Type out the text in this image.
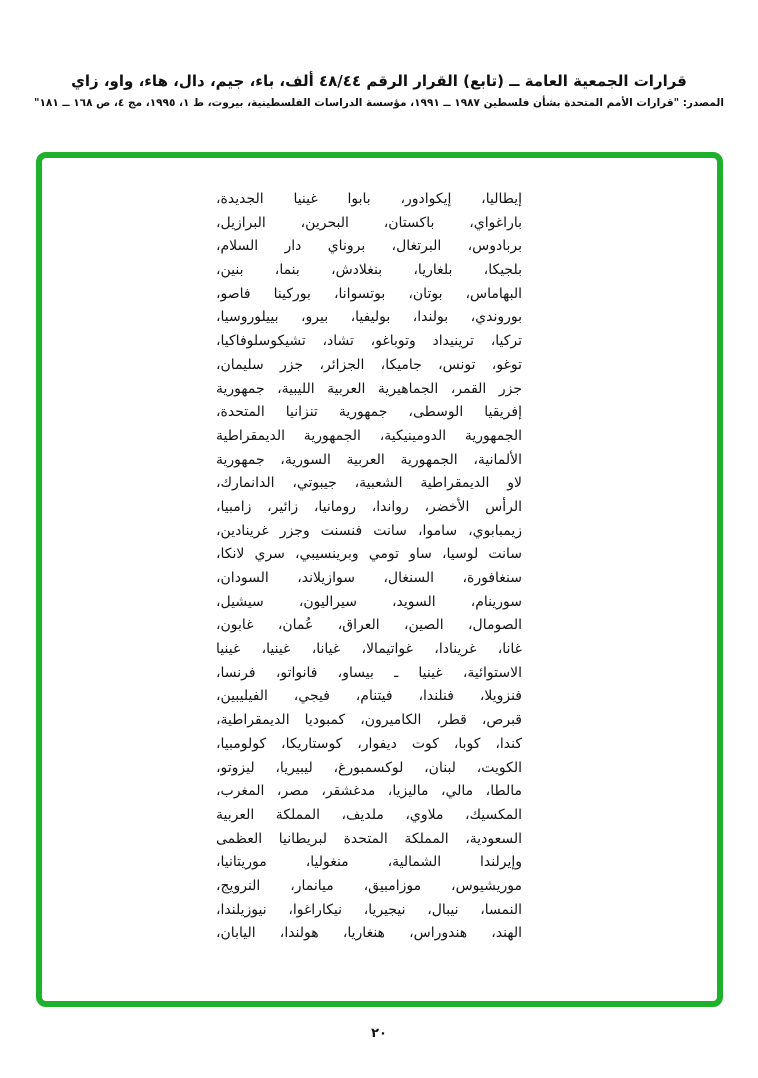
قرارات الجمعية العامة ــ (تابع) القرار الرقم ٤٨/٤٤ ألف، باء، جيم، دال، هاء، واو، زاي
المصدر: "قرارات الأمم المتحدة بشأن فلسطين ١٩٨٧ ــ ١٩٩١، مؤسسة الدراسات الفلسطينية، بيروت، ط ١، ١٩٩٥، مج ٤، ص ١٦٨ ــ ١٨١"
إيطاليا، إيكوادور، بابوا غينيا الجديدة،
باراغواي، باكستان، البحرين، البرازيل،
بربادوس، البرتغال، بروناي دار السلام،
بلجيكا، بلغاريا، بنغلادش، بنما، بنين،
البهاماس، بوتان، بوتسوانا، بوركينا فاصو،
بوروندي، بولندا، بوليفيا، بيرو، بييلوروسيا،
تركيا، ترينيداد وتوباغو، تشاد، تشيكوسلوفاكيا،
توغو، تونس، جاميكا، الجزائر، جزر سليمان،
جزر القمر، الجماهيرية العربية الليبية، جمهورية
إفريقيا الوسطى، جمهورية تنزانيا المتحدة،
الجمهورية الدومينيكية، الجمهورية الديمقراطية
الألمانية، الجمهورية العربية السورية، جمهورية
لاو الديمقراطية الشعبية، جيبوتي، الدانمارك،
الرأس الأخضر، رواندا، رومانيا، زائير، زامبيا،
زيمبابوي، ساموا، سانت فنسنت وجزر غرينادين،
سانت لوسيا، ساو تومي وبرينسيبي، سري لانكا،
سنغافورة، السنغال، سوازيلاند، السودان،
سورينام، السويد، سيراليون، سيشيل،
الصومال، الصين، العراق، عُمان، غابون،
غانا، غرينادا، غواتيمالا، غيانا، غينيا، غينيا
الاستوائية، غينيا ـ بيساو، فانواتو، فرنسا،
فنزويلا، فنلندا، فيتنام، فيجي، الفيليبين،
قبرص، قطر، الكاميرون، كمبوديا الديمقراطية،
كندا، كوبا، كوت ديفوار، كوستاريكا، كولومبيا،
الكويت، لبنان، لوكسمبورغ، ليبيريا، ليزوتو،
مالطا، مالي، ماليزيا، مدغشقر، مصر، المغرب،
المكسيك، ملاوي، ملديف، المملكة العربية
السعودية، المملكة المتحدة لبريطانيا العظمى
وإيرلندا الشمالية، منغوليا، موريتانيا،
موريشيوس، موزامبيق، ميانمار، النرويج،
النمسا، نيبال، نيجيريا، نيكاراغوا، نيوزيلندا،
الهند، هندوراس، هنغاريا، هولندا، اليابان،
٢٠
